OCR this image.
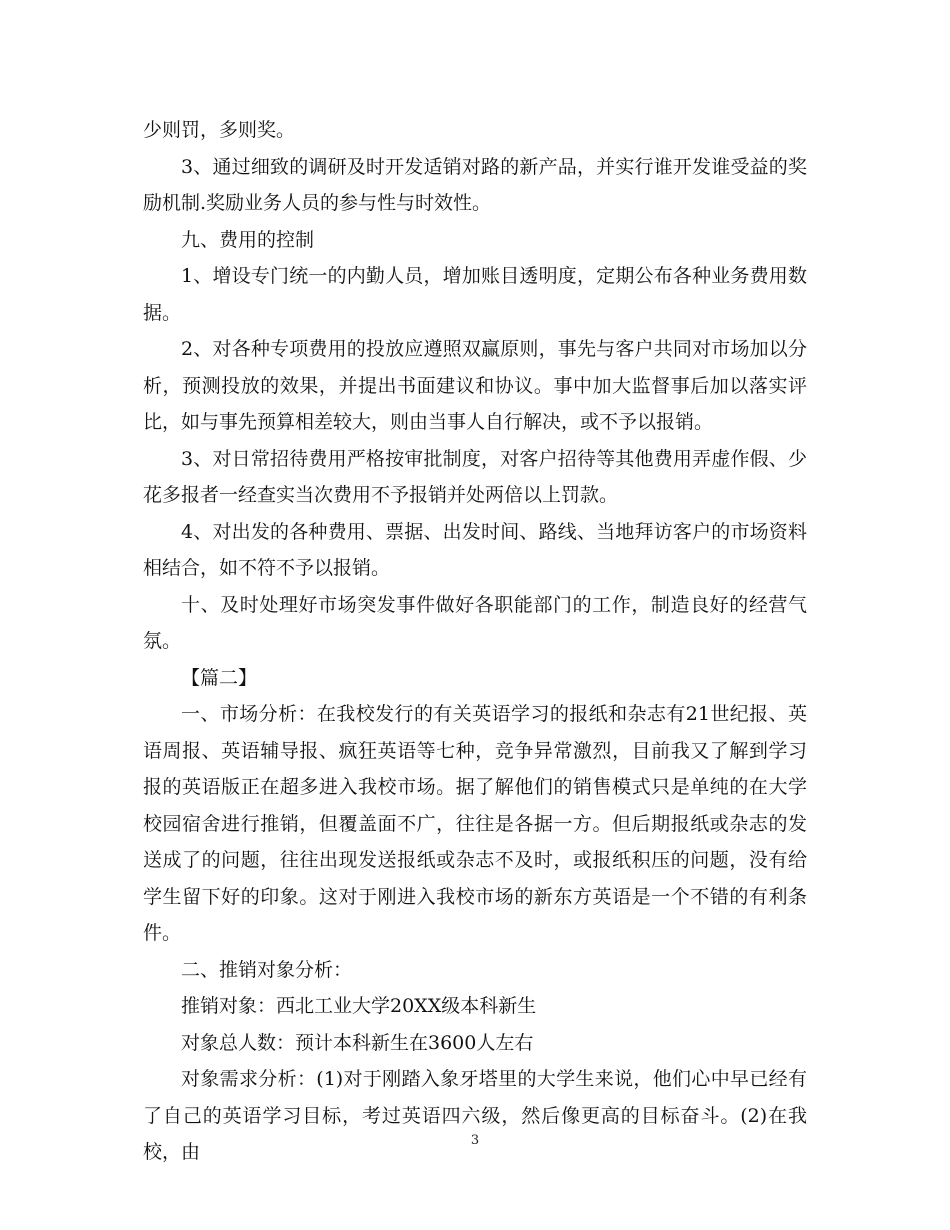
少则罚，多则奖。

3、通过细致的调研及时开发适销对路的新产品，并实行谁开发谁受益的奖励机制.奖励业务人员的参与性与时效性。

九、费用的控制

1、增设专门统一的内勤人员，增加账目透明度，定期公布各种业务费用数据。

2、对各种专项费用的投放应遵照双赢原则，事先与客户共同对市场加以分析，预测投放的效果，并提出书面建议和协议。事中加大监督事后加以落实评比，如与事先预算相差较大，则由当事人自行解决，或不予以报销。

3、对日常招待费用严格按审批制度，对客户招待等其他费用弄虚作假、少花多报者一经查实当次费用不予报销并处两倍以上罚款。

4、对出发的各种费用、票据、出发时间、路线、当地拜访客户的市场资料相结合，如不符不予以报销。

十、及时处理好市场突发事件做好各职能部门的工作，制造良好的经营气氛。

【篇二】

一、市场分析：在我校发行的有关英语学习的报纸和杂志有21世纪报、英语周报、英语辅导报、疯狂英语等七种，竞争异常激烈，目前我又了解到学习报的英语版正在超多进入我校市场。据了解他们的销售模式只是单纯的在大学校园宿舍进行推销，但覆盖面不广，往往是各据一方。但后期报纸或杂志的发送成了的问题，往往出现发送报纸或杂志不及时，或报纸积压的问题，没有给学生留下好的印象。这对于刚进入我校市场的新东方英语是一个不错的有利条件。

二、推销对象分析：

推销对象：西北工业大学20XX级本科新生

对象总人数：预计本科新生在3600人左右

对象需求分析：(1)对于刚踏入象牙塔里的大学生来说，他们心中早已经有了自己的英语学习目标，考过英语四六级，然后像更高的目标奋斗。(2)在我校，由

3
